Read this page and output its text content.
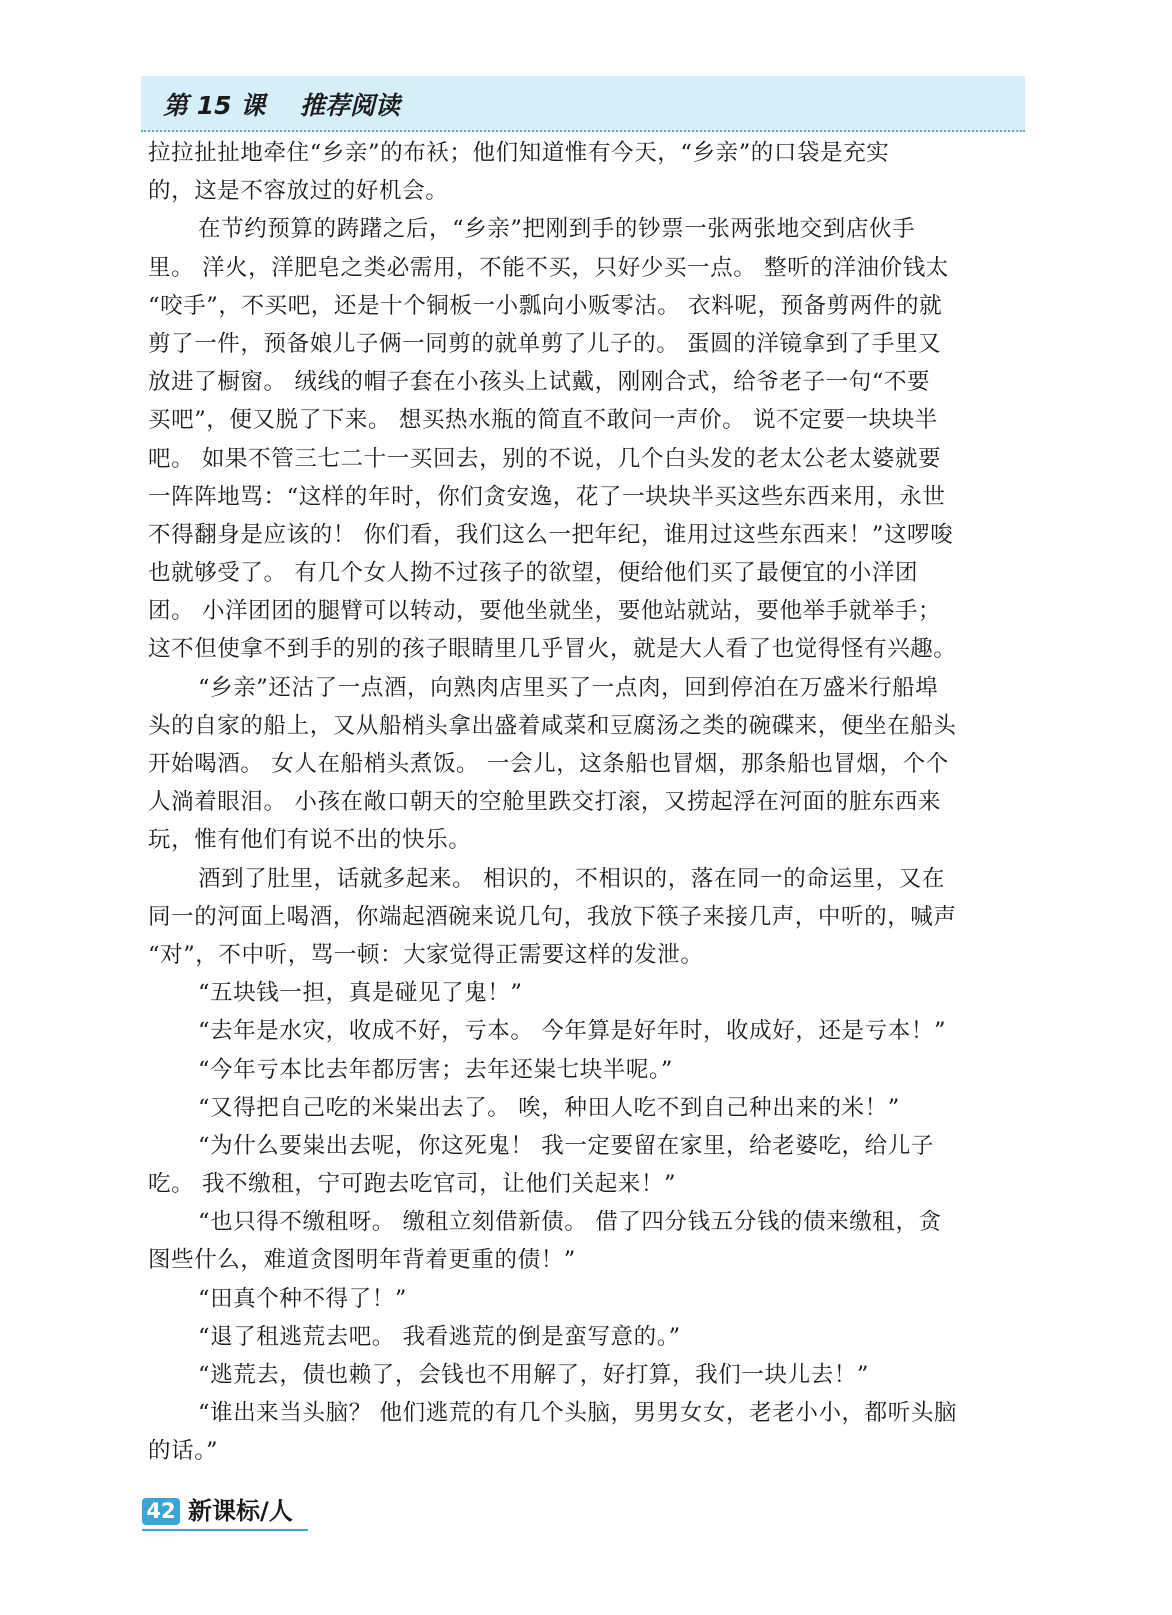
第 15 课    推荐阅读
拉拉扯扯地牵住“乡亲”的布袄；他们知道惟有今天，“乡亲”的口袋是充实
的，这是不容放过的好机会。
在节约预算的踌躇之后，“乡亲”把刚到手的钞票一张两张地交到店伙手
里。 洋火，洋肥皂之类必需用，不能不买，只好少买一点。 整听的洋油价钱太
“咬手”，不买吧，还是十个铜板一小瓢向小贩零沽。 衣料呢，预备剪两件的就
剪了一件，预备娘儿子俩一同剪的就单剪了儿子的。 蛋圆的洋镜拿到了手里又
放进了橱窗。 绒线的帽子套在小孩头上试戴，刚刚合式，给爷老子一句“不要
买吧”，便又脱了下来。 想买热水瓶的简直不敢问一声价。 说不定要一块块半
吧。 如果不管三七二十一买回去，别的不说，几个白头发的老太公老太婆就要
一阵阵地骂：“这样的年时，你们贪安逸，花了一块块半买这些东西来用，永世
不得翻身是应该的！ 你们看，我们这么一把年纪，谁用过这些东西来！”这啰唆
也就够受了。 有几个女人拗不过孩子的欲望，便给他们买了最便宜的小洋团
团。 小洋团团的腿臂可以转动，要他坐就坐，要他站就站，要他举手就举手；
这不但使拿不到手的别的孩子眼睛里几乎冒火，就是大人看了也觉得怪有兴趣。
“乡亲”还沽了一点酒，向熟肉店里买了一点肉，回到停泊在万盛米行船埠
头的自家的船上，又从船梢头拿出盛着咸菜和豆腐汤之类的碗碟来，便坐在船头
开始喝酒。 女人在船梢头煮饭。 一会儿，这条船也冒烟，那条船也冒烟，个个
人淌着眼泪。 小孩在敞口朝天的空舱里跌交打滚，又捞起浮在河面的脏东西来
玩，惟有他们有说不出的快乐。
酒到了肚里，话就多起来。 相识的，不相识的，落在同一的命运里，又在
同一的河面上喝酒，你端起酒碗来说几句，我放下筷子来接几声，中听的，喊声
“对”，不中听，骂一顿：大家觉得正需要这样的发泄。
“五块钱一担，真是碰见了鬼！”
“去年是水灾，收成不好，亏本。 今年算是好年时，收成好，还是亏本！”
“今年亏本比去年都厉害；去年还粜七块半呢。”
“又得把自己吃的米粜出去了。 唉，种田人吃不到自己种出来的米！”
“为什么要粜出去呢，你这死鬼！ 我一定要留在家里，给老婆吃，给儿子
吃。 我不缴租，宁可跑去吃官司，让他们关起来！”
“也只得不缴租呀。 缴租立刻借新债。 借了四分钱五分钱的债来缴租，贪
图些什么，难道贪图明年背着更重的债！”
“田真个种不得了！”
“退了租逃荒去吧。 我看逃荒的倒是蛮写意的。”
“逃荒去，债也赖了，会钱也不用解了，好打算，我们一块儿去！”
“谁出来当头脑？ 他们逃荒的有几个头脑，男男女女，老老小小，都听头脑
的话。”
42 新课标/人
